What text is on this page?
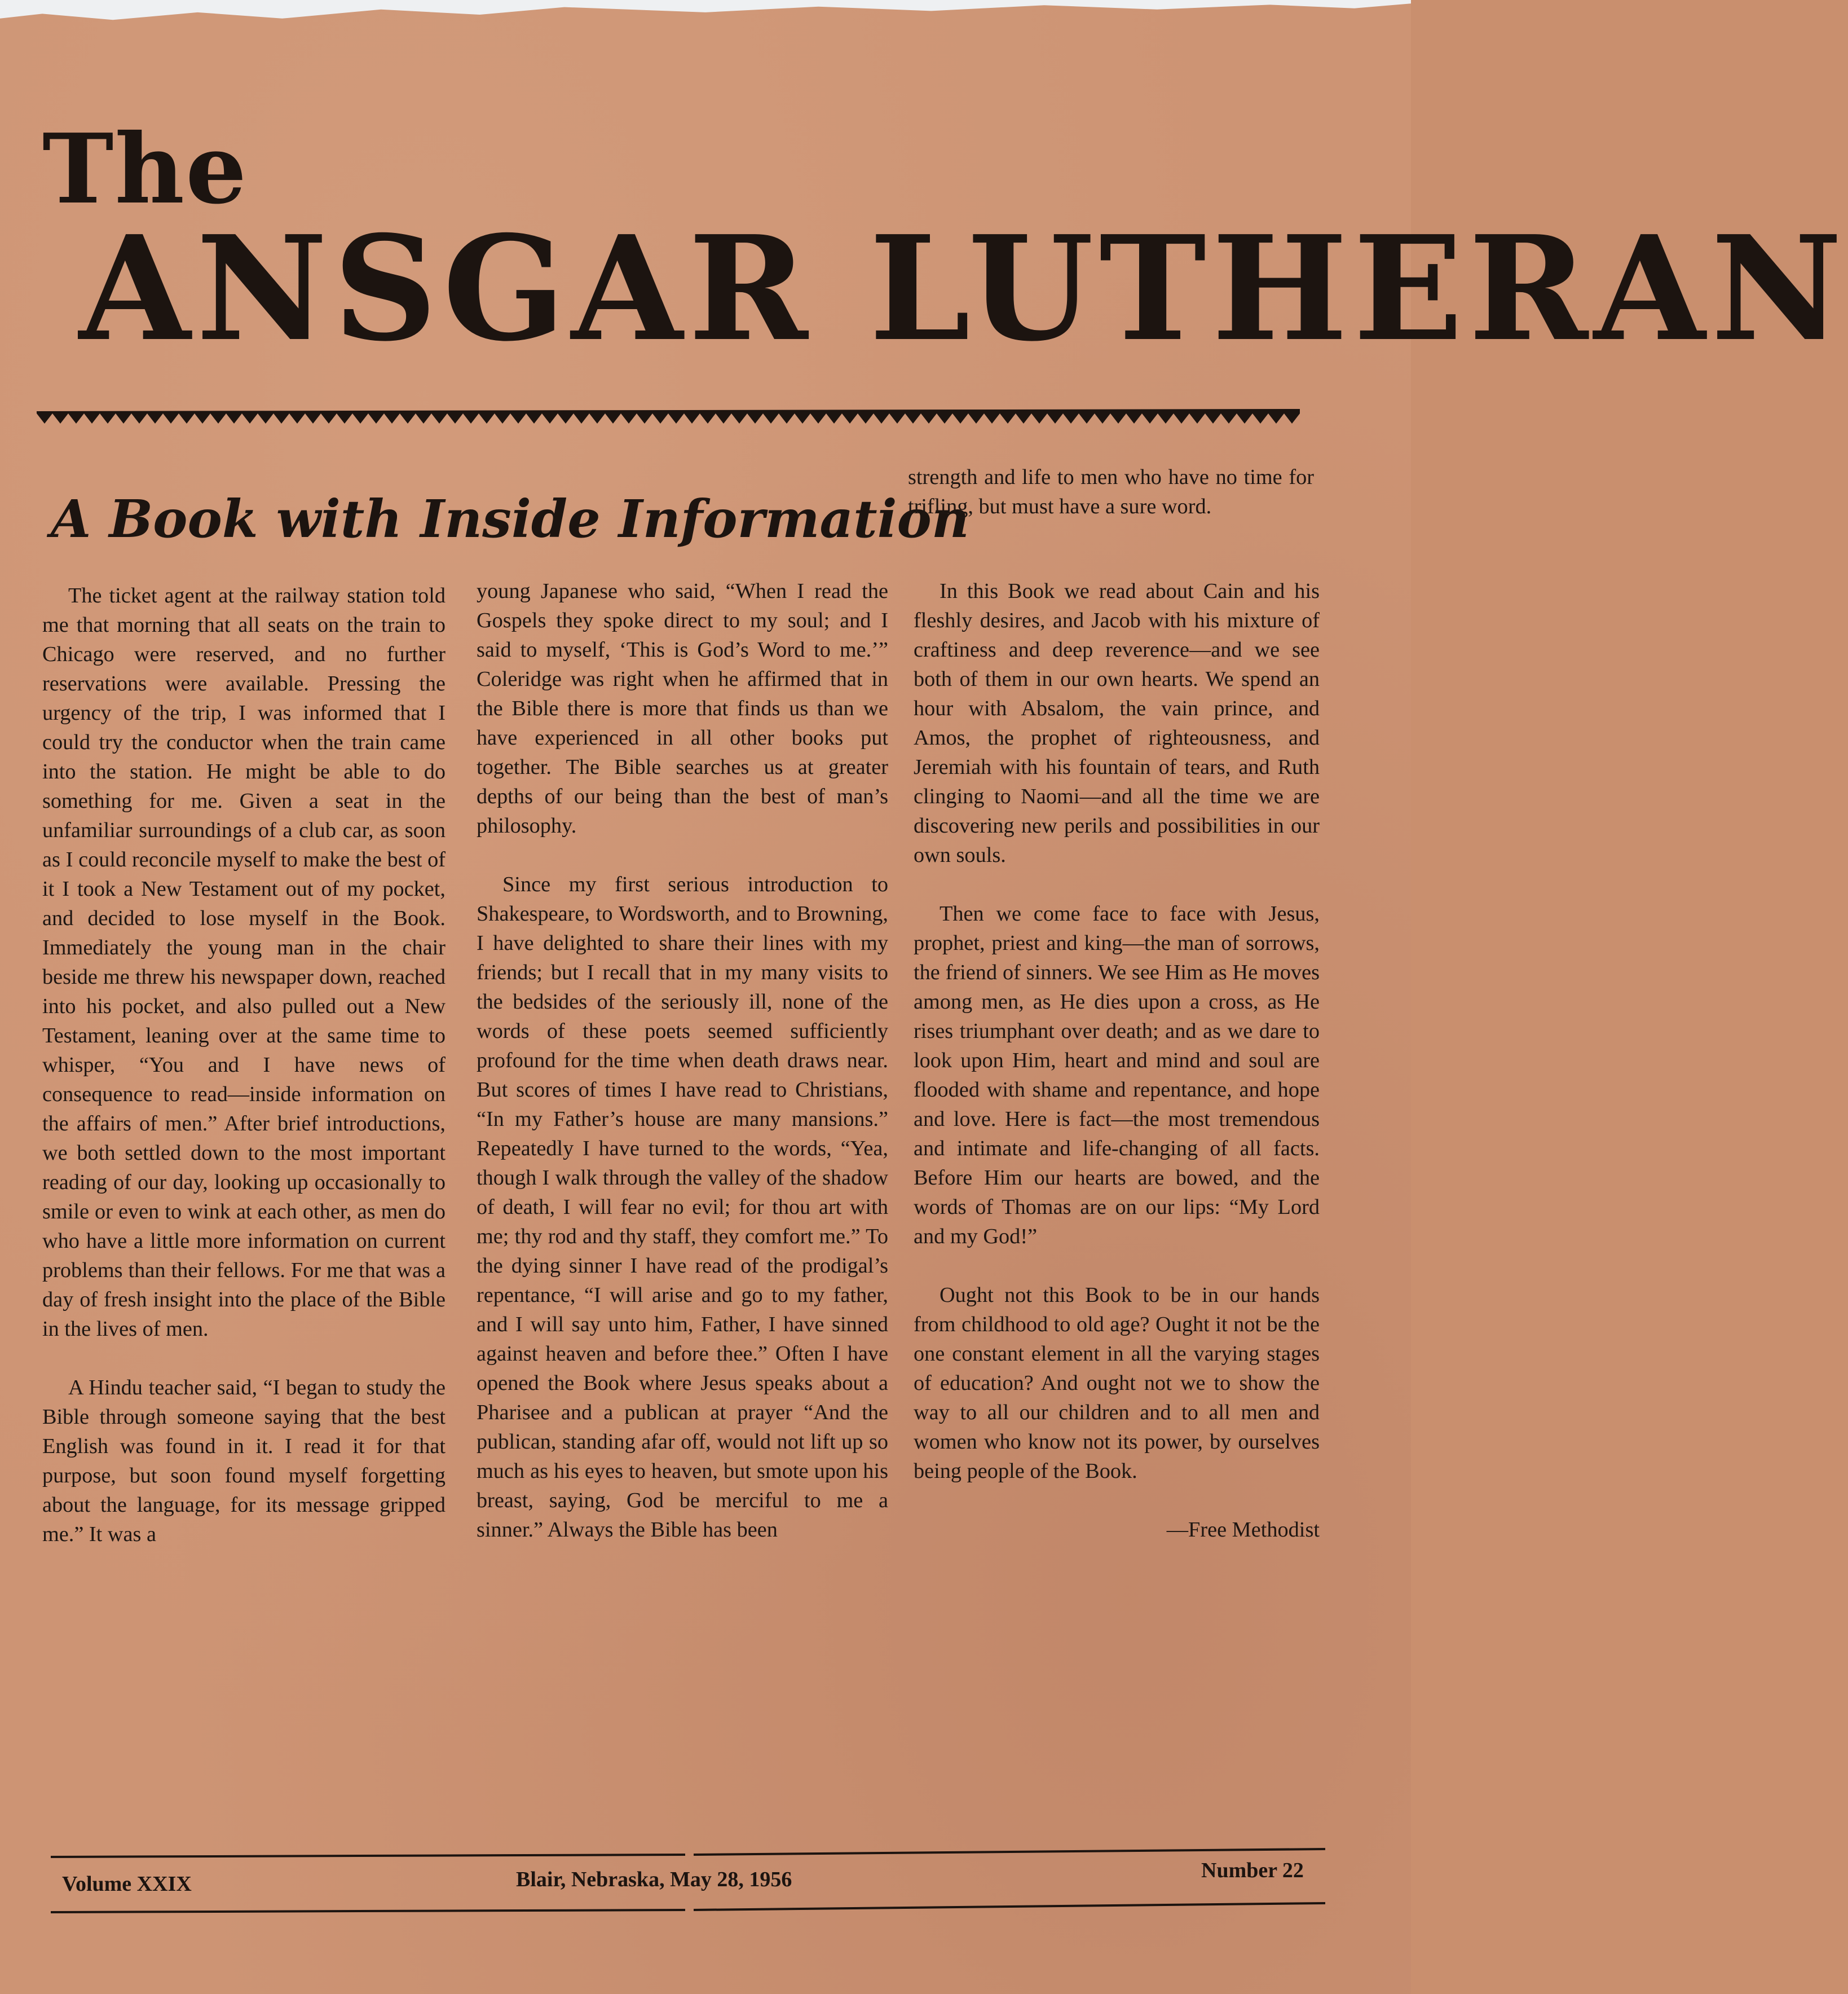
The
ANSGAR LUTHERAN
A Book with Inside Information

The ticket agent at the railway station told me that morning that all seats on the train to Chicago were reserved, and no further reservations were available. Pressing the urgency of the trip, I was informed that I could try the conductor when the train came into the station. He might be able to do something for me. Given a seat in the unfamiliar surroundings of a club car, as soon as I could reconcile myself to make the best of it I took a New Testament out of my pocket, and decided to lose myself in the Book. Immediately the young man in the chair beside me threw his newspaper down, reached into his pocket, and also pulled out a New Testament, leaning over at the same time to whisper, “You and I have news of consequence to read—inside information on the affairs of men.” After brief introductions, we both settled down to the most important reading of our day, looking up occasionally to smile or even to wink at each other, as men do who have a little more information on current problems than their fellows. For me that was a day of fresh insight into the place of the Bible in the lives of men.

A Hindu teacher said, “I began to study the Bible through someone saying that the best English was found in it. I read it for that purpose, but soon found myself forgetting about the language, for its message gripped me.” It was a

young Japanese who said, “When I read the Gospels they spoke direct to my soul; and I said to myself, ‘This is God’s Word to me.’” Coleridge was right when he affirmed that in the Bible there is more that finds us than we have experienced in all other books put together. The Bible searches us at greater depths of our being than the best of man’s philosophy.

Since my first serious introduction to Shakespeare, to Wordsworth, and to Browning, I have delighted to share their lines with my friends; but I recall that in my many visits to the bedsides of the seriously ill, none of the words of these poets seemed sufficiently profound for the time when death draws near. But scores of times I have read to Christians, “In my Father’s house are many mansions.” Repeatedly I have turned to the words, “Yea, though I walk through the valley of the shadow of death, I will fear no evil; for thou art with me; thy rod and thy staff, they comfort me.” To the dying sinner I have read of the prodigal’s repentance, “I will arise and go to my father, and I will say unto him, Father, I have sinned against heaven and before thee.” Often I have opened the Book where Jesus speaks about a Pharisee and a publican at prayer “And the publican, standing afar off, would not lift up so much as his eyes to heaven, but smote upon his breast, saying, God be merciful to me a sinner.” Always the Bible has been

strength and life to men who have no time for trifling, but must have a sure word.

In this Book we read about Cain and his fleshly desires, and Jacob with his mixture of craftiness and deep reverence—and we see both of them in our own hearts. We spend an hour with Absalom, the vain prince, and Amos, the prophet of righteousness, and Jeremiah with his fountain of tears, and Ruth clinging to Naomi—and all the time we are discovering new perils and possibilities in our own souls.

Then we come face to face with Jesus, prophet, priest and king—the man of sorrows, the friend of sinners. We see Him as He moves among men, as He dies upon a cross, as He rises triumphant over death; and as we dare to look upon Him, heart and mind and soul are flooded with shame and repentance, and hope and love. Here is fact—the most tremendous and intimate and life-changing of all facts. Before Him our hearts are bowed, and the words of Thomas are on our lips: “My Lord and my God!”

Ought not this Book to be in our hands from childhood to old age? Ought it not be the one constant element in all the varying stages of education? And ought not we to show the way to all our children and to all men and women who know not its power, by ourselves being people of the Book.

—Free Methodist

Volume XXIX	Blair, Nebraska, May 28, 1956	Number 22
